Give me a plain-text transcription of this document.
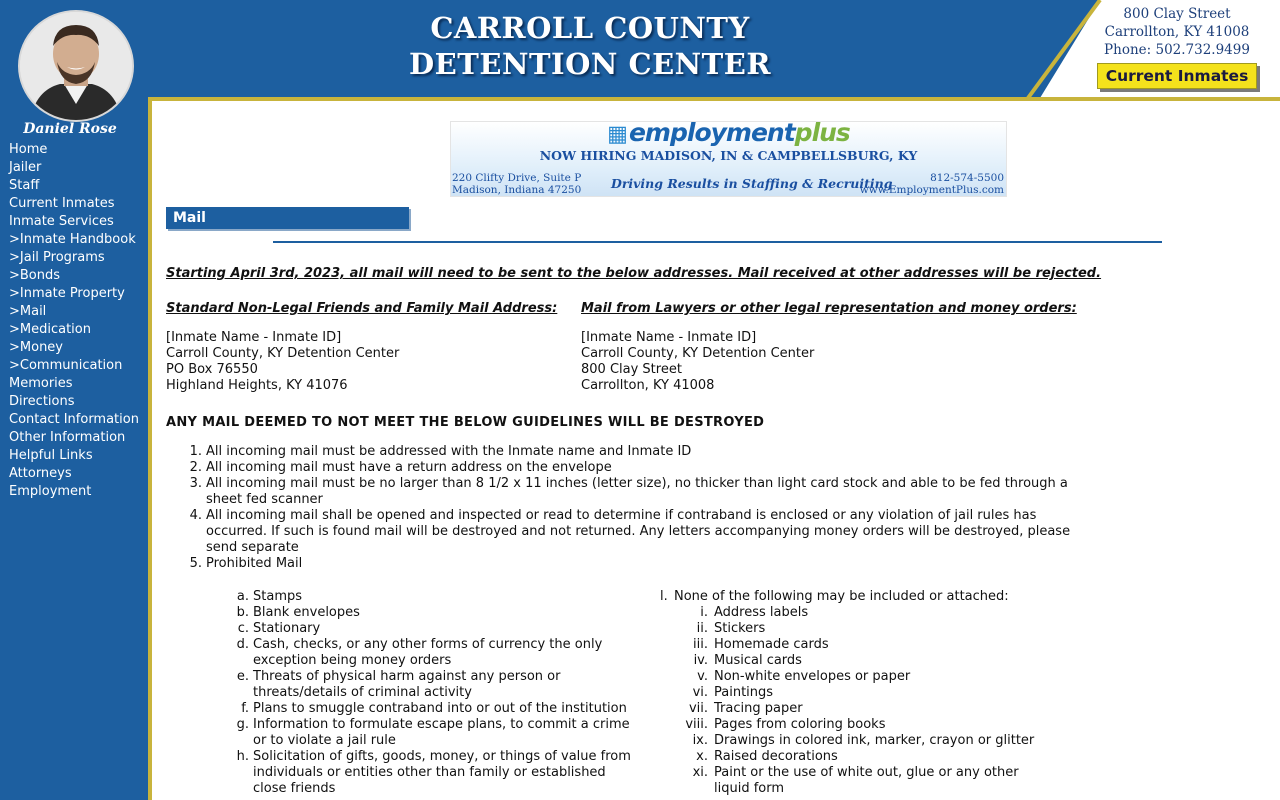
Daniel Rose
Home
Jailer
Staff
Current Inmates
Inmate Services
>Inmate Handbook
>Jail Programs
>Bonds
>Inmate Property
>Mail
>Medication
>Money
>Communication
Memories
Directions
Contact Information
Other Information
Helpful Links
Attorneys
Employment
CARROLL COUNTY
DETENTION CENTER
800 Clay Street
Carrollton, KY 41008
Phone: 502.732.9499
Current Inmates
▦employmentplus
NOW HIRING MADISON, IN & CAMPBELLSBURG, KY
220 Clifty Drive, Suite P
Madison, Indiana 47250 Driving Results in Staffing & Recruiting	812-574-5500
www.EmploymentPlus.com
Mail
Starting April 3rd, 2023, all mail will need to be sent to the below addresses. Mail received at other addresses will be rejected.
Standard Non-Legal Friends and Family Mail Address: Mail from Lawyers or other legal representation and money orders:
[Inmate Name - Inmate ID]
Carroll County, KY Detention Center
PO Box 76550
Highland Heights, KY 41076
[Inmate Name - Inmate ID]
Carroll County, KY Detention Center
800 Clay Street
Carrollton, KY 41008
ANY MAIL DEEMED TO NOT MEET THE BELOW GUIDELINES WILL BE DESTROYED
1. All incoming mail must be addressed with the Inmate name and Inmate ID
2. All incoming mail must have a return address on the envelope
3. All incoming mail must be no larger than 8 1/2 x 11 inches (letter size), no thicker than light card stock and able to be fed through a sheet fed scanner
4. All incoming mail shall be opened and inspected or read to determine if contraband is enclosed or any violation of jail rules has occurred. If such is found mail will be destroyed and not returned. Any letters accompanying money orders will be destroyed, please send separate
5. Prohibited Mail
a. Stamps
b. Blank envelopes
c. Stationary
d. Cash, checks, or any other forms of currency the only exception being money orders
e. Threats of physical harm against any person or threats/details of criminal activity
f. Plans to smuggle contraband into or out of the institution
g. Information to formulate escape plans, to commit a crime or to violate a jail rule
h. Solicitation of gifts, goods, money, or things of value from individuals or entities other than family or established close friends
l. None of the following may be included or attached:
i. Address labels
ii. Stickers
iii. Homemade cards
iv. Musical cards
v. Non-white envelopes or paper
vi. Paintings
vii. Tracing paper
viii. Pages from coloring books
ix. Drawings in colored ink, marker, crayon or glitter
x. Raised decorations
xi. Paint or the use of white out, glue or any other liquid form
